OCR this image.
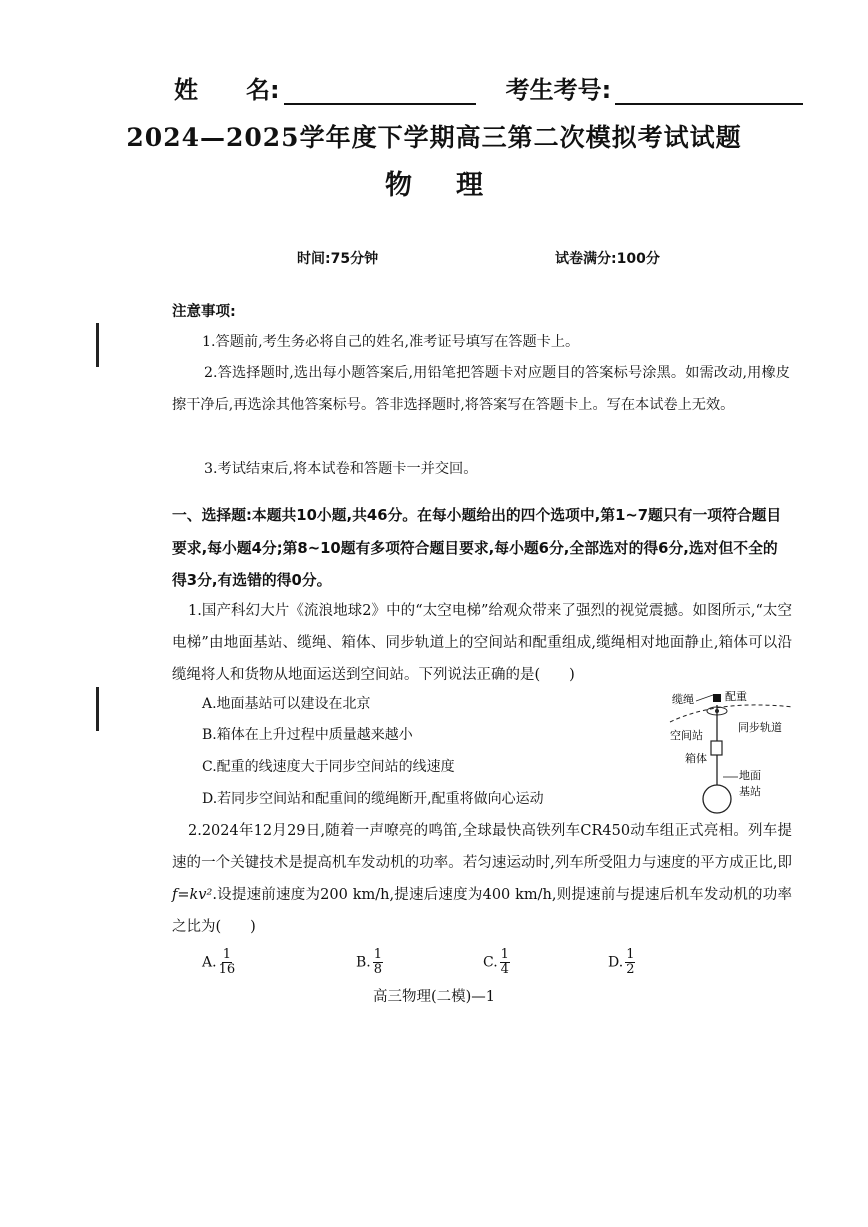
姓　　名:	考生考号:
2024—2025学年度下学期高三第二次模拟考试试题
物理
时间:75分钟	试卷满分:100分
注意事项:
1.答题前,考生务必将自己的姓名,准考证号填写在答题卡上。
2.答选择题时,选出每小题答案后,用铅笔把答题卡对应题目的答案标号涂黑。如需改动,用橡皮擦干净后,再选涂其他答案标号。答非选择题时,将答案写在答题卡上。写在本试卷上无效。
3.考试结束后,将本试卷和答题卡一并交回。
一、选择题:本题共10小题,共46分。在每小题给出的四个选项中,第1~7题只有一项符合题目要求,每小题4分;第8~10题有多项符合题目要求,每小题6分,全部选对的得6分,选对但不全的得3分,有选错的得0分。
1.国产科幻大片《流浪地球2》中的“太空电梯”给观众带来了强烈的视觉震撼。如图所示,“太空电梯”由地面基站、缆绳、箱体、同步轨道上的空间站和配重组成,缆绳相对地面静止,箱体可以沿缆绳将人和货物从地面运送到空间站。下列说法正确的是(　　)
A.地面基站可以建设在北京
B.箱体在上升过程中质量越来越小
C.配重的线速度大于同步空间站的线速度
D.若同步空间站和配重间的缆绳断开,配重将做向心运动
缆绳	配重
同步轨道
空间站
箱体
地面
基站
2.2024年12月29日,随着一声嘹亮的鸣笛,全球最快高铁列车CR450动车组正式亮相。列车提速的一个关键技术是提高机车发动机的功率。若匀速运动时,列车所受阻力与速度的平方成正比,即 f=kv².设提速前速度为200 km/h,提速后速度为400 km/h,则提速前与提速后机车发动机的功率之比为(　　)
A. $\frac{1}{16}$	B. $\frac{1}{8}$	C. $\frac{1}{4}$	D. $\frac{1}{2}$
高三物理(二模)—1
